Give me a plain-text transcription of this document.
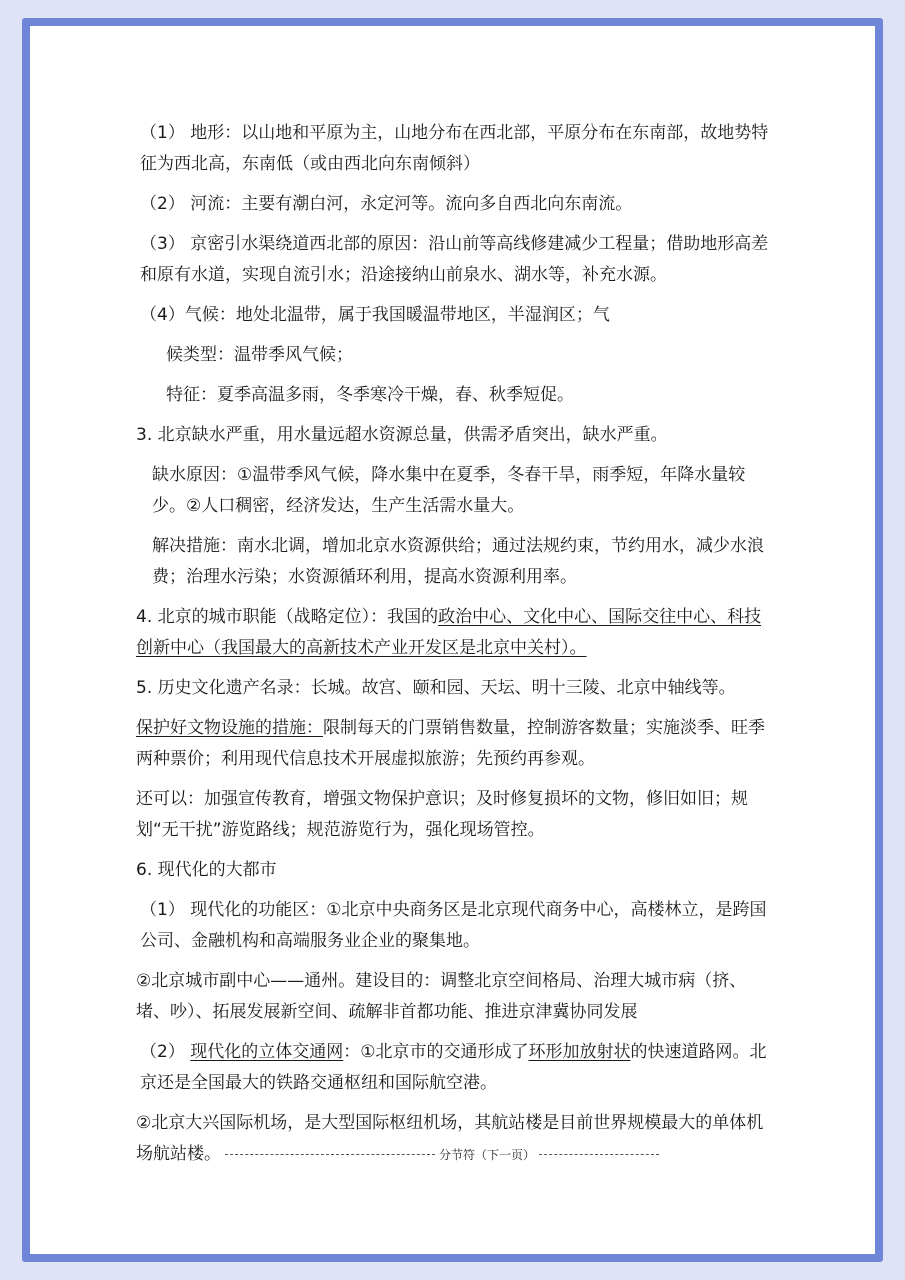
（1） 地形：以山地和平原为主，山地分布在西北部，平原分布在东南部，故地势特征为西北高，东南低（或由西北向东南倾斜）

（2） 河流：主要有潮白河，永定河等。流向多自西北向东南流。

（3） 京密引水渠绕道西北部的原因：沿山前等高线修建减少工程量；借助地形高差和原有水道，实现自流引水；沿途接纳山前泉水、湖水等，补充水源。

（4）气候：地处北温带，属于我国暖温带地区，半湿润区；气

候类型：温带季风气候；

特征：夏季高温多雨，冬季寒冷干燥，春、秋季短促。

3. 北京缺水严重，用水量远超水资源总量，供需矛盾突出，缺水严重。

缺水原因：①温带季风气候，降水集中在夏季，冬春干旱，雨季短，年降水量较少。②人口稠密，经济发达，生产生活需水量大。

解决措施：南水北调，增加北京水资源供给；通过法规约束，节约用水，减少水浪费；治理水污染；水资源循环利用，提高水资源利用率。

4. 北京的城市职能（战略定位）：我国的政治中心、文化中心、国际交往中心、科技创新中心（我国最大的高新技术产业开发区是北京中关村）。

5. 历史文化遗产名录：长城。故宫、颐和园、天坛、明十三陵、北京中轴线等。

保护好文物设施的措施：限制每天的门票销售数量，控制游客数量；实施淡季、旺季两种票价；利用现代信息技术开展虚拟旅游；先预约再参观。

还可以：加强宣传教育，增强文物保护意识；及时修复损坏的文物，修旧如旧；规划“无干扰”游览路线；规范游览行为，强化现场管控。

6. 现代化的大都市

（1） 现代化的功能区：①北京中央商务区是北京现代商务中心，高楼林立，是跨国公司、金融机构和高端服务业企业的聚集地。

②北京城市副中心——通州。建设目的：调整北京空间格局、治理大城市病（挤、堵、吵）、拓展发展新空间、疏解非首都功能、推进京津冀协同发展

（2） 现代化的立体交通网：①北京市的交通形成了环形加放射状的快速道路网。北京还是全国最大的铁路交通枢纽和国际航空港。

②北京大兴国际机场，是大型国际枢纽机场，其航站楼是目前世界规模最大的单体机场航站楼。	分节符（下一页）
